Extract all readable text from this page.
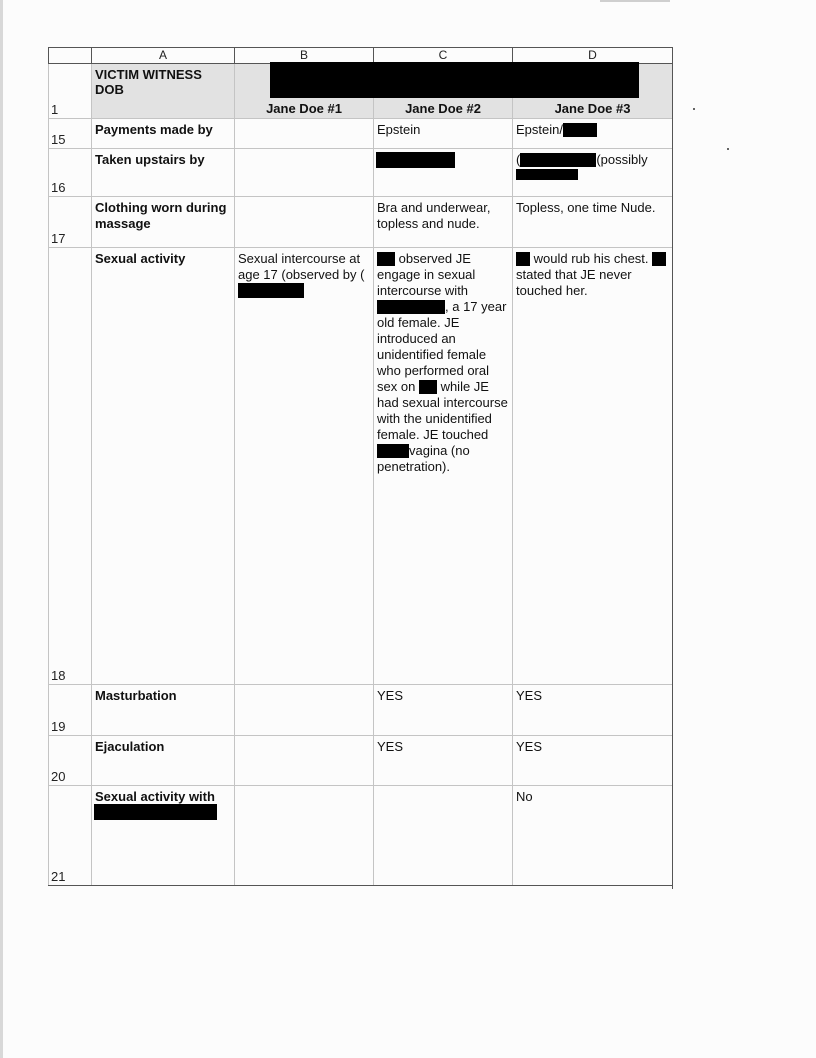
	A	B	C	D

1	VICTIM WITNESS
DOB	Jane Doe #1	Jane Doe #2	Jane Doe #3

15	Payments made by		Epstein	Epstein/

16	Taken upstairs by			( (possibly

17	Clothing worn during massage		Bra and underwear, topless and nude.	Topless, one time Nude.

18	Sexual activity	Sexual intercourse at age 17 (observed by (	observed JE engage in sexual intercourse with , a 17 year old female. JE introduced an unidentified female who performed oral sex on while JE had sexual intercourse with the unidentified female. JE touched vagina (no penetration).	would rub his chest.  stated that JE never touched her.

19	Masturbation		YES	YES

20	Ejaculation		YES	YES

21	Sexual activity with			No
